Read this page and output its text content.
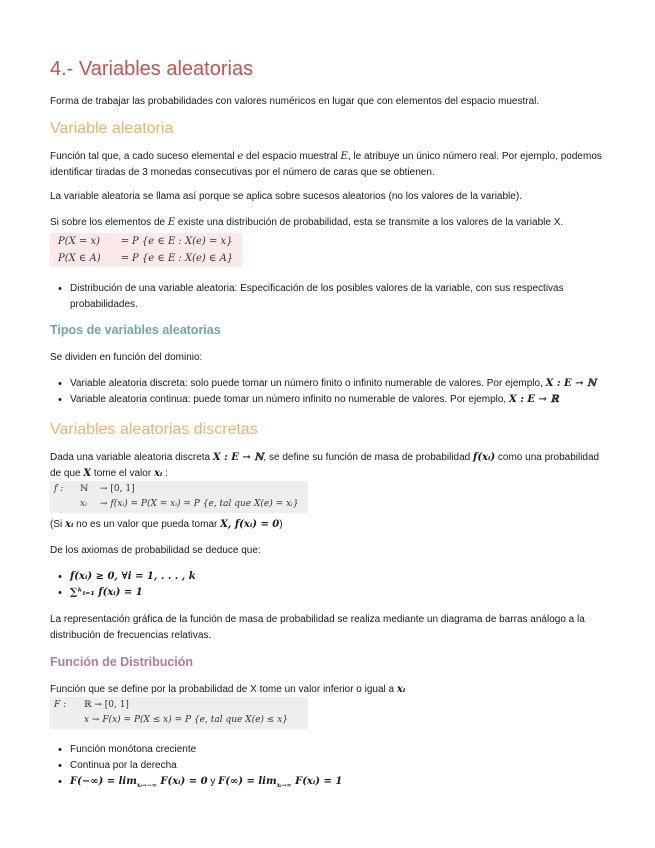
4.- Variables aleatorias
Forma de trabajar las probabilidades con valores numéricos en lugar que con elementos del espacio muestral.
Variable aleatoria
Función tal que, a cado suceso elemental e del espacio muestral E, le atribuye un único número real. Por ejemplo, podemos identificar tiradas de 3 monedas consecutivas por el número de caras que se obtienen.
La variable aleatoria se llama así porque se aplica sobre sucesos aleatorios (no los valores de la variable).
Si sobre los elementos de E existe una distribución de probabilidad, esta se transmite a los valores de la variable X.
P(X = x) = P {e ∈ E : X(e) = x}
P(X ∈ A) = P {e ∈ E : X(e) ∈ A}
• Distribución de una variable aleatoria: Especificación de los posibles valores de la variable, con sus respectivas probabilidades.
Tipos de variables aleatorias
Se dividen en función del dominio:
• Variable aleatoria discreta: solo puede tomar un número finito o infinito numerable de valores. Por ejemplo, X : E → ℕ
• Variable aleatoria continua: puede tomar un número infinito no numerable de valores. Por ejemplo, X : E → ℝ
Variables aleatorias discretas
Dada una variable aleatoria discreta X : E → ℕ, se define su función de masa de probabilidad f(xᵢ) como una probabilidad de que X tome el valor xᵢ :
f : ℕ → [0, 1]
xᵢ → f(xᵢ) = P(X = xᵢ) = P {e, tal que X(e) = xᵢ}
(Si xᵢ no es un valor que pueda tomar X, f(xᵢ) = 0)
De los axiomas de probabilidad se deduce que:
• f(xᵢ) ≥ 0, ∀i = 1, . . . , k
• ∑ᵏᵢ₌₁ f(xᵢ) = 1
La representación gráfica de la función de masa de probabilidad se realiza mediante un diagrama de barras análogo a la distribución de frecuencias relativas.
Función de Distribución
Función que se define por la probabilidad de X tome un valor inferior o igual a xᵢ
F : ℝ → [0, 1]
x → F(x) = P(X ≤ x) = P {e, tal que X(e) ≤ x}
• Función monótona creciente
• Continua por la derecha
• $F(-\infty) = \lim_{xᵢ\to-\infty}$ F(xᵢ) = 0 y $F(\infty) = \lim_{xᵢ\to\infty}$ F(xᵢ) = 1
